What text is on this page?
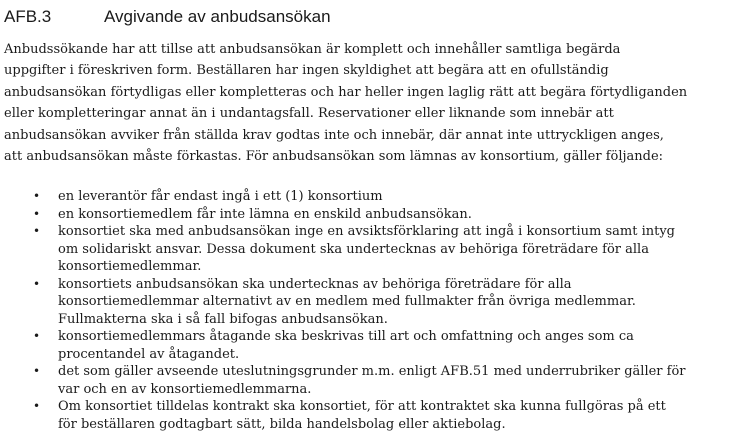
AFB.3	Avgivande av anbudsansökan

Anbudssökande har att tillse att anbudsansökan är komplett och innehåller samtliga begärda
uppgifter i föreskriven form. Beställaren har ingen skyldighet att begära att en ofullständig
anbudsansökan förtydligas eller kompletteras och har heller ingen laglig rätt att begära förtydliganden
eller kompletteringar annat än i undantagsfall. Reservationer eller liknande som innebär att
anbudsansökan avviker från ställda krav godtas inte och innebär, där annat inte uttryckligen anges,
att anbudsansökan måste förkastas. För anbudsansökan som lämnas av konsortium, gäller följande:

• en leverantör får endast ingå i ett (1) konsortium
• en konsortiemedlem får inte lämna en enskild anbudsansökan.
• konsortiet ska med anbudsansökan inge en avsiktsförklaring att ingå i konsortium samt intyg
om solidariskt ansvar. Dessa dokument ska undertecknas av behöriga företrädare för alla
konsortiemedlemmar.
• konsortiets anbudsansökan ska undertecknas av behöriga företrädare för alla
konsortiemedlemmar alternativt av en medlem med fullmakter från övriga medlemmar.
Fullmakterna ska i så fall bifogas anbudsansökan.
• konsortiemedlemmars åtagande ska beskrivas till art och omfattning och anges som ca
procentandel av åtagandet.
• det som gäller avseende uteslutningsgrunder m.m. enligt AFB.51 med underrubriker gäller för
var och en av konsortiemedlemmarna.
• Om konsortiet tilldelas kontrakt ska konsortiet, för att kontraktet ska kunna fullgöras på ett
för beställaren godtagbart sätt, bilda handelsbolag eller aktiebolag.
